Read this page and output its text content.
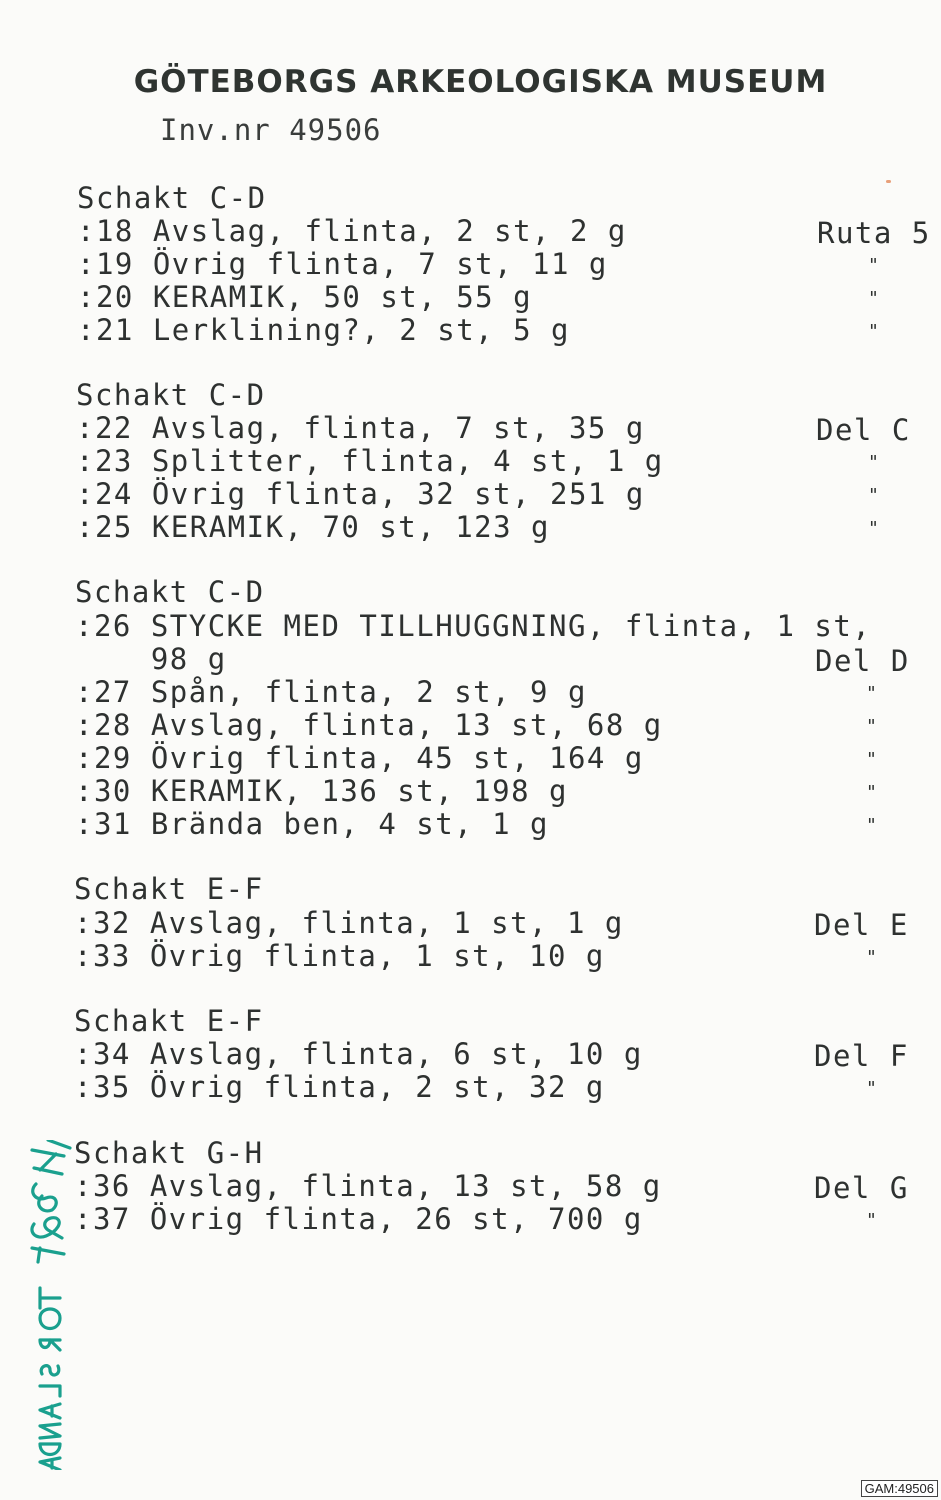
GÖTEBORGS ARKEOLOGISKA MUSEUM
Inv.nr 49506
Schakt C-D
:18 Avslag, flinta, 2 st, 2 g	Ruta 5
:19 Övrig flinta, 7 st, 11 g	"
:20 KERAMIK, 50 st, 55 g	"
:21 Lerklining?, 2 st, 5 g	"
Schakt C-D
:22 Avslag, flinta, 7 st, 35 g	Del C
:23 Splitter, flinta, 4 st, 1 g	"
:24 Övrig flinta, 32 st, 251 g	"
:25 KERAMIK, 70 st, 123 g	"
Schakt C-D
:26 STYCKE MED TILLHUGGNING, flinta, 1 st,
98 g	Del D
:27 Spån, flinta, 2 st, 9 g	"
:28 Avslag, flinta, 13 st, 68 g	"
:29 Övrig flinta, 45 st, 164 g	"
:30 KERAMIK, 136 st, 198 g	"
:31 Brända ben, 4 st, 1 g	"
Schakt E-F
:32 Avslag, flinta, 1 st, 1 g	Del E
:33 Övrig flinta, 1 st, 10 g	"
Schakt E-F
:34 Avslag, flinta, 6 st, 10 g	Del F
:35 Övrig flinta, 2 st, 32 g	"
Schakt G-H
:36 Avslag, flinta, 13 st, 58 g	Del G
:37 Övrig flinta, 26 st, 700 g	"
GAM:49506
